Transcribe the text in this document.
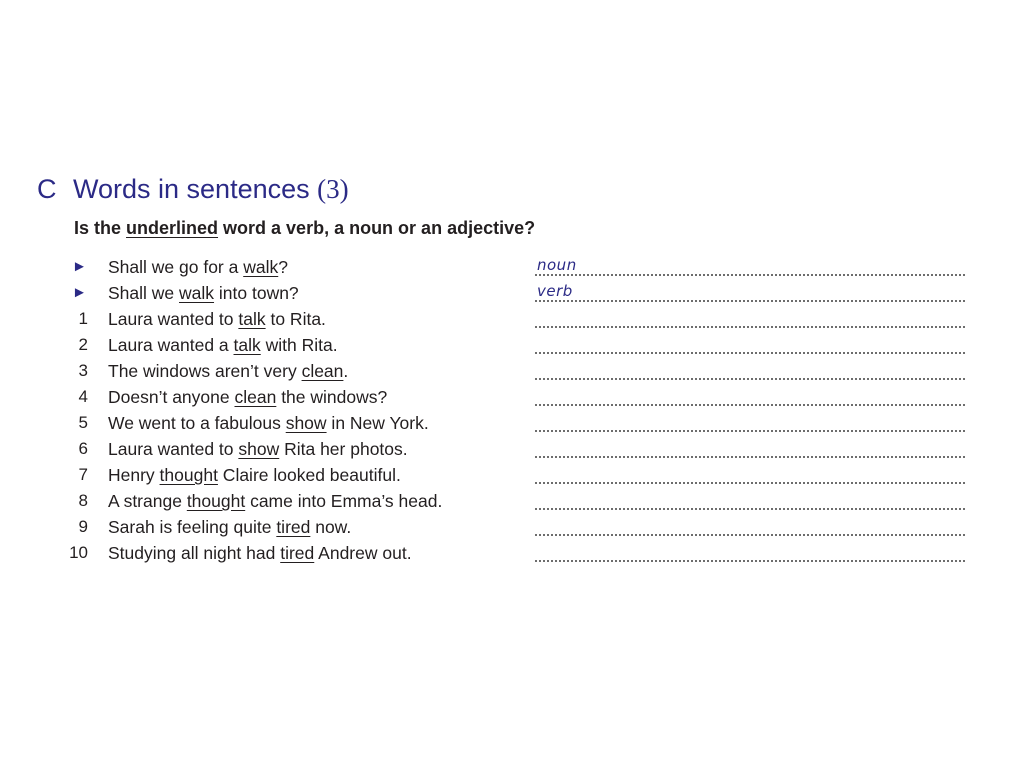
C Words in sentences (3)
Is the underlined word a verb, a noun or an adjective?
►	Shall we go for a walk?	noun
►	Shall we walk into town?	verb
1 Laura wanted to talk to Rita.
2 Laura wanted a talk with Rita.
3 The windows aren’t very clean.
4 Doesn’t anyone clean the windows?
5 We went to a fabulous show in New York.
6 Laura wanted to show Rita her photos.
7 Henry thought Claire looked beautiful.
8 A strange thought came into Emma’s head.
9 Sarah is feeling quite tired now.
10 Studying all night had tired Andrew out.
